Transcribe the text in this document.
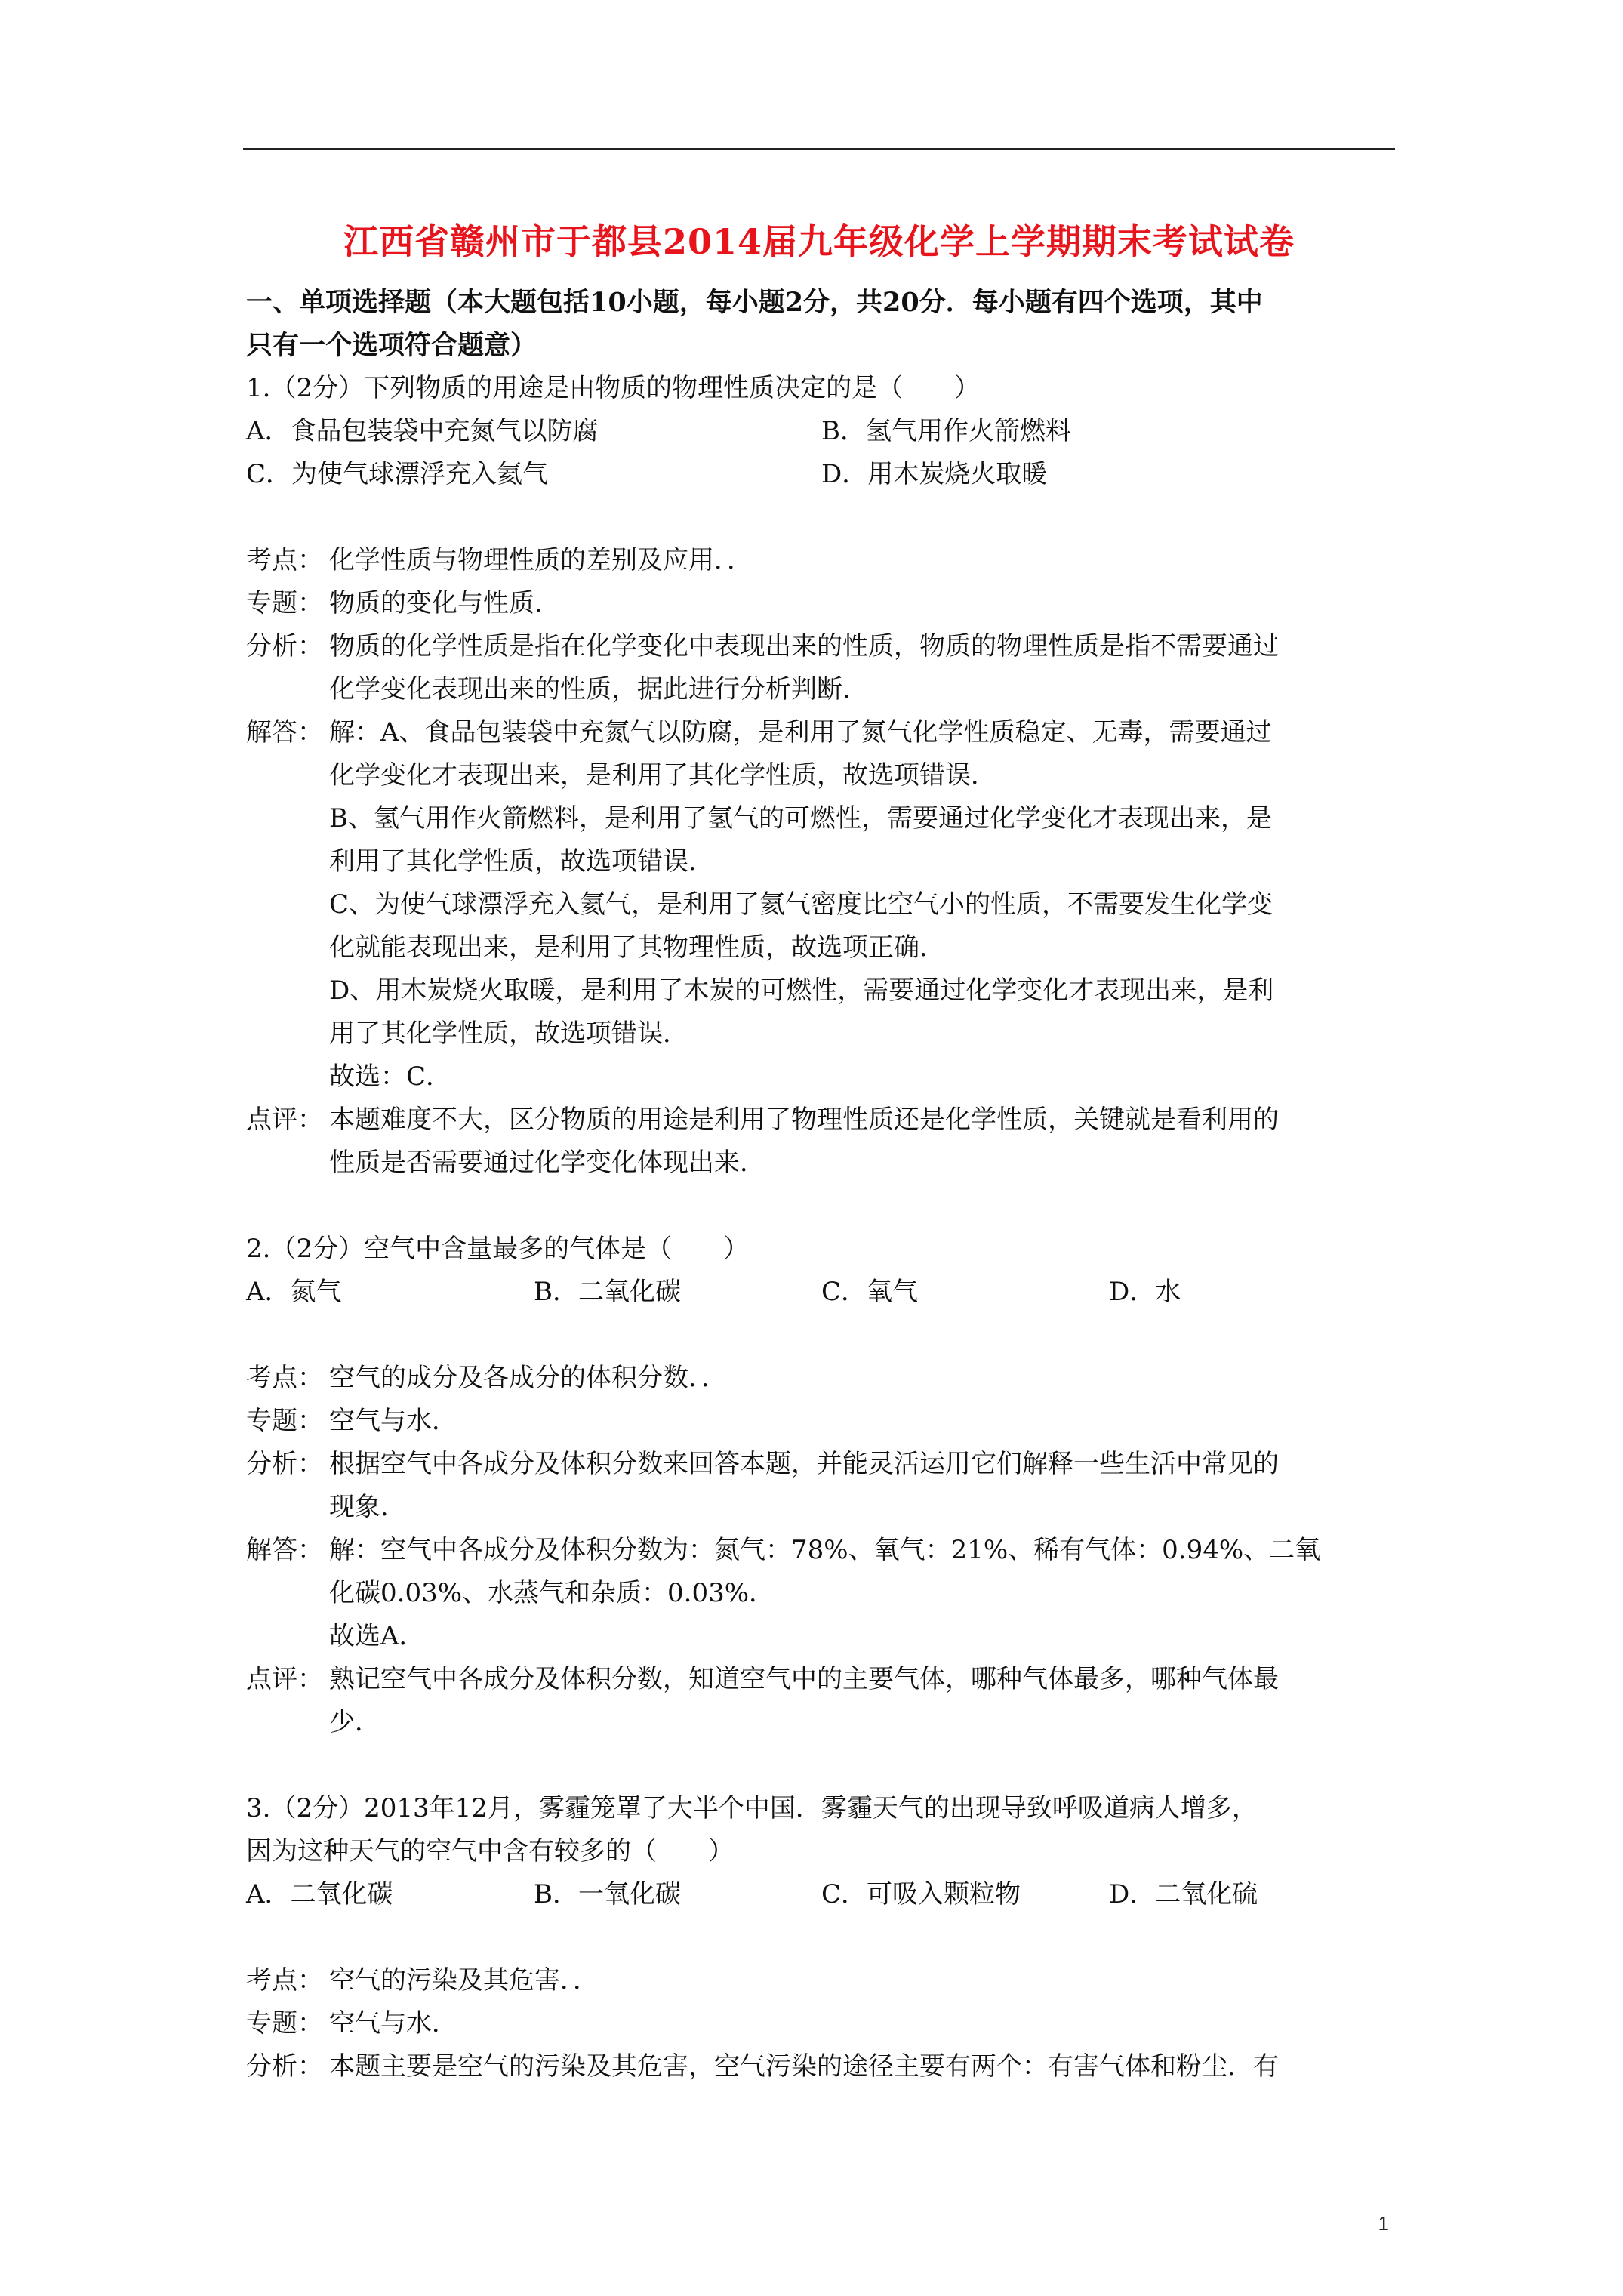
江西省赣州市于都县2014届九年级化学上学期期末考试试卷
一、单项选择题（本大题包括10小题，每小题2分，共20分．每小题有四个选项，其中
只有一个选项符合题意）
1.（2分）下列物质的用途是由物质的物理性质决定的是（　　）
A．食品包装袋中充氮气以防腐	B．氢气用作火箭燃料
C．为使气球漂浮充入氦气	D．用木炭烧火取暖
考点： 化学性质与物理性质的差别及应用．．
专题： 物质的变化与性质．
分析： 物质的化学性质是指在化学变化中表现出来的性质，物质的物理性质是指不需要通过
化学变化表现出来的性质，据此进行分析判断．
解答： 解：A、食品包装袋中充氮气以防腐，是利用了氮气化学性质稳定、无毒，需要通过
化学变化才表现出来，是利用了其化学性质，故选项错误．
B、氢气用作火箭燃料，是利用了氢气的可燃性，需要通过化学变化才表现出来，是
利用了其化学性质，故选项错误．
C、为使气球漂浮充入氦气，是利用了氦气密度比空气小的性质，不需要发生化学变
化就能表现出来，是利用了其物理性质，故选项正确．
D、用木炭烧火取暖，是利用了木炭的可燃性，需要通过化学变化才表现出来，是利
用了其化学性质，故选项错误．
故选：C．
点评： 本题难度不大，区分物质的用途是利用了物理性质还是化学性质，关键就是看利用的
性质是否需要通过化学变化体现出来．
2.（2分）空气中含量最多的气体是（　　）
A．氮气	B．二氧化碳	C．氧气	D．水
考点： 空气的成分及各成分的体积分数．．
专题： 空气与水．
分析： 根据空气中各成分及体积分数来回答本题，并能灵活运用它们解释一些生活中常见的
现象．
解答： 解：空气中各成分及体积分数为：氮气：78%、氧气：21%、稀有气体：0.94%、二氧
化碳0.03%、水蒸气和杂质：0.03%．
故选A．
点评： 熟记空气中各成分及体积分数，知道空气中的主要气体，哪种气体最多，哪种气体最
少．
3.（2分）2013年12月，雾霾笼罩了大半个中国．雾霾天气的出现导致呼吸道病人增多，
因为这种天气的空气中含有较多的（　　）
A．二氧化碳	B．一氧化碳	C．可吸入颗粒物	D．二氧化硫
考点： 空气的污染及其危害．．
专题： 空气与水．
分析： 本题主要是空气的污染及其危害，空气污染的途径主要有两个：有害气体和粉尘．有
1
